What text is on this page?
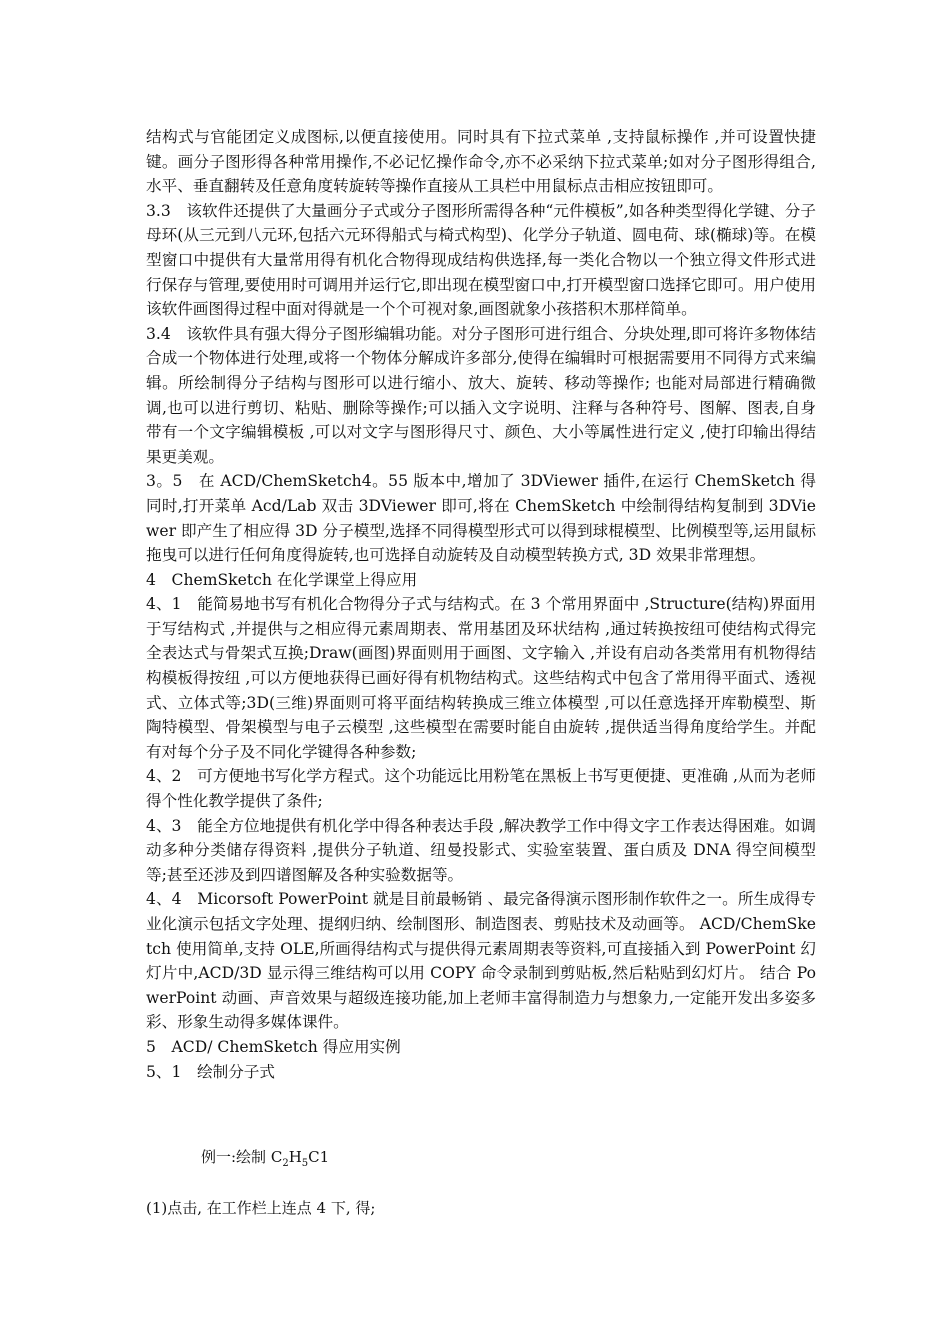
结构式与官能团定义成图标,以便直接使用。同时具有下拉式菜单 ,支持鼠标操作 ,并可设置快捷键。画分子图形得各种常用操作,不必记忆操作命令,亦不必采纳下拉式菜单;如对分子图形得组合,水平、垂直翻转及任意角度转旋转等操作直接从工具栏中用鼠标点击相应按钮即可。

3.3　该软件还提供了大量画分子式或分子图形所需得各种“元件模板”,如各种类型得化学键、分子母环(从三元到八元环,包括六元环得船式与椅式构型)、化学分子轨道、圆电荷、球(椭球)等。在模型窗口中提供有大量常用得有机化合物得现成结构供选择,每一类化合物以一个独立得文件形式进行保存与管理,要使用时可调用并运行它,即出现在模型窗口中,打开模型窗口选择它即可。用户使用该软件画图得过程中面对得就是一个个可视对象,画图就象小孩搭积木那样简单。

3.4　该软件具有强大得分子图形编辑功能。对分子图形可进行组合、分块处理,即可将许多物体结合成一个物体进行处理,或将一个物体分解成许多部分,使得在编辑时可根据需要用不同得方式来编辑。所绘制得分子结构与图形可以进行缩小、放大、旋转、移动等操作; 也能对局部进行精确微调,也可以进行剪切、粘贴、删除等操作;可以插入文字说明、注释与各种符号、图解、图表,自身带有一个文字编辑模板 ,可以对文字与图形得尺寸、颜色、大小等属性进行定义 ,使打印输出得结果更美观。

3。5　在 ACD/ChemSketch4。55 版本中,增加了 3DViewer 插件,在运行 ChemSketch 得同时,打开菜单 Acd/Lab 双击 3DViewer 即可,将在 ChemSketch 中绘制得结构复制到 3DViewer 即产生了相应得 3D 分子模型,选择不同得模型形式可以得到球棍模型、比例模型等,运用鼠标拖曳可以进行任何角度得旋转,也可选择自动旋转及自动模型转换方式, 3D 效果非常理想。

4　ChemSketch 在化学课堂上得应用

4、1　能简易地书写有机化合物得分子式与结构式。在 3 个常用界面中 ,Structure(结构)界面用于写结构式 ,并提供与之相应得元素周期表、常用基团及环状结构 ,通过转换按纽可使结构式得完全表达式与骨架式互换;Draw(画图)界面则用于画图、文字输入 ,并设有启动各类常用有机物得结构模板得按纽 ,可以方便地获得已画好得有机物结构式。这些结构式中包含了常用得平面式、透视式、立体式等;3D(三维)界面则可将平面结构转换成三维立体模型 ,可以任意选择开库勒模型、斯陶特模型、骨架模型与电子云模型 ,这些模型在需要时能自由旋转 ,提供适当得角度给学生。并配有对每个分子及不同化学键得各种参数;

4、2　可方便地书写化学方程式。这个功能远比用粉笔在黑板上书写更便捷、更准确 ,从而为老师得个性化教学提供了条件;

4、3　能全方位地提供有机化学中得各种表达手段 ,解决教学工作中得文字工作表达得困难。如调动多种分类储存得资料 ,提供分子轨道、纽曼投影式、实验室装置、蛋白质及 DNA 得空间模型等;甚至还涉及到四谱图解及各种实验数据等。

4、4　Micorsoft PowerPoint 就是目前最畅销 、最完备得演示图形制作软件之一。所生成得专业化演示包括文字处理、提纲归纳、绘制图形、制造图表、剪贴技术及动画等。 ACD/ChemSketch 使用简单,支持 OLE,所画得结构式与提供得元素周期表等资料,可直接插入到 PowerPoint 幻灯片中,ACD/3D 显示得三维结构可以用 COPY 命令录制到剪贴板,然后粘贴到幻灯片。 结合 PowerPoint 动画、声音效果与超级连接功能,加上老师丰富得制造力与想象力,一定能开发出多姿多彩、形象生动得多媒体课件。

5　ACD/ ChemSketch 得应用实例

5、1　绘制分子式

例一:绘制 $C_2H_5C1$
(1)点击, 在工作栏上连点 4 下, 得;
